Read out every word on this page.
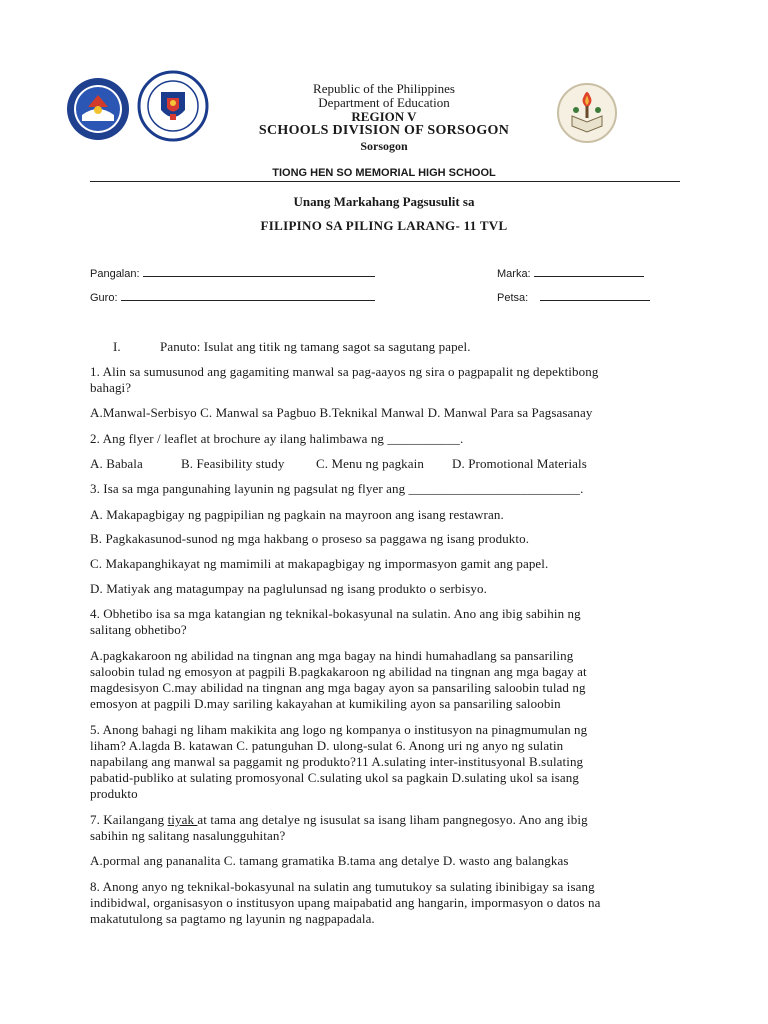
Republic of the Philippines
Department of Education
REGION V
SCHOOLS DIVISION OF SORSOGON
Sorsogon
TIONG HEN SO MEMORIAL HIGH SCHOOL
Unang Markahang Pagsusulit sa
FILIPINO SA PILING LARANG- 11 TVL
Pangalan:	Marka:
Guro:	Petsa:
I.	Panuto: Isulat ang titik ng tamang sagot sa sagutang papel.
1. Alin sa sumusunod ang gagamiting manwal sa pag-aayos ng sira o pagpapalit ng depektibong
bahagi?
A.Manwal-Serbisyo C. Manwal sa Pagbuo B.Teknikal Manwal D. Manwal Para sa Pagsasanay
2. Ang flyer / leaflet at brochure ay ilang halimbawa ng ___________.
A. Babala	B. Feasibility study	C. Menu ng pagkain	D. Promotional Materials
3. Isa sa mga pangunahing layunin ng pagsulat ng flyer ang __________________________.
A. Makapagbigay ng pagpipilian ng pagkain na mayroon ang isang restawran.
B. Pagkakasunod-sunod ng mga hakbang o proseso sa paggawa ng isang produkto.
C. Makapanghikayat ng mamimili at makapagbigay ng impormasyon gamit ang papel.
D. Matiyak ang matagumpay na paglulunsad ng isang produkto o serbisyo.
4. Obhetibo isa sa mga katangian ng teknikal-bokasyunal na sulatin. Ano ang ibig sabihin ng
salitang obhetibo?
A.pagkakaroon ng abilidad na tingnan ang mga bagay na hindi humahadlang sa pansariling
saloobin tulad ng emosyon at pagpili B.pagkakaroon ng abilidad na tingnan ang mga bagay at
magdesisyon C.may abilidad na tingnan ang mga bagay ayon sa pansariling saloobin tulad ng
emosyon at pagpili D.may sariling kakayahan at kumikiling ayon sa pansariling saloobin
5. Anong bahagi ng liham makikita ang logo ng kompanya o institusyon na pinagmumulan ng
liham? A.lagda B. katawan C. patunguhan D. ulong-sulat 6. Anong uri ng anyo ng sulatin
napabilang ang manwal sa paggamit ng produkto?11 A.sulating inter-institusyonal B.sulating
pabatid-publiko at sulating promosyonal C.sulating ukol sa pagkain D.sulating ukol sa isang
produkto
7. Kailangang tiyak at tama ang detalye ng isusulat sa isang liham pangnegosyo. Ano ang ibig
sabihin ng salitang nasalungguhitan?
A.pormal ang pananalita C. tamang gramatika B.tama ang detalye D. wasto ang balangkas
8. Anong anyo ng teknikal-bokasyunal na sulatin ang tumutukoy sa sulating ibinibigay sa isang
indibidwal, organisasyon o institusyon upang maipabatid ang hangarin, impormasyon o datos na
makatutulong sa pagtamo ng layunin ng nagpapadala.
